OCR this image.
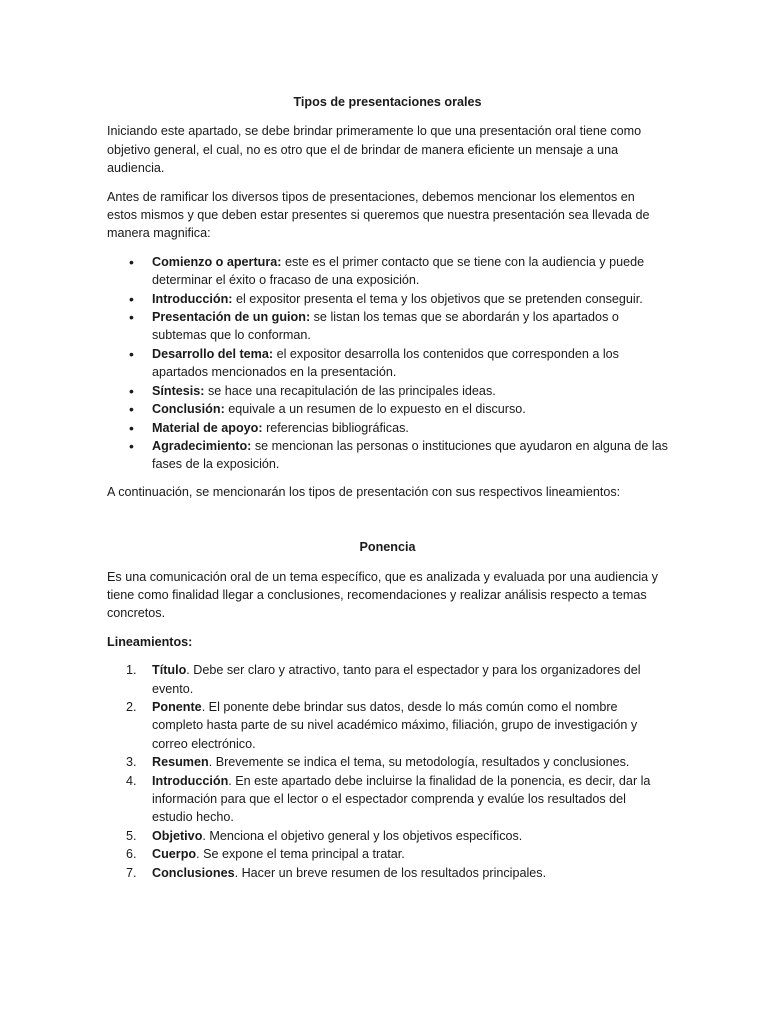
Tipos de presentaciones orales

Iniciando este apartado, se debe brindar primeramente lo que una presentación oral tiene como objetivo general, el cual, no es otro que el de brindar de manera eficiente un mensaje a una audiencia.

Antes de ramificar los diversos tipos de presentaciones, debemos mencionar los elementos en estos mismos y que deben estar presentes si queremos que nuestra presentación sea llevada de manera magnifica:

• Comienzo o apertura: este es el primer contacto que se tiene con la audiencia y puede determinar el éxito o fracaso de una exposición.
• Introducción: el expositor presenta el tema y los objetivos que se pretenden conseguir.
• Presentación de un guion: se listan los temas que se abordarán y los apartados o subtemas que lo conforman.
• Desarrollo del tema: el expositor desarrolla los contenidos que corresponden a los apartados mencionados en la presentación.
• Síntesis: se hace una recapitulación de las principales ideas.
• Conclusión: equivale a un resumen de lo expuesto en el discurso.
• Material de apoyo: referencias bibliográficas.
• Agradecimiento: se mencionan las personas o instituciones que ayudaron en alguna de las fases de la exposición.

A continuación, se mencionarán los tipos de presentación con sus respectivos lineamientos:

Ponencia

Es una comunicación oral de un tema específico, que es analizada y evaluada por una audiencia y tiene como finalidad llegar a conclusiones, recomendaciones y realizar análisis respecto a temas concretos.

Lineamientos:

1. Título. Debe ser claro y atractivo, tanto para el espectador y para los organizadores del evento.
2. Ponente. El ponente debe brindar sus datos, desde lo más común como el nombre completo hasta parte de su nivel académico máximo, filiación, grupo de investigación y correo electrónico.
3. Resumen. Brevemente se indica el tema, su metodología, resultados y conclusiones.
4. Introducción. En este apartado debe incluirse la finalidad de la ponencia, es decir, dar la información para que el lector o el espectador comprenda y evalúe los resultados del estudio hecho.
5. Objetivo. Menciona el objetivo general y los objetivos específicos.
6. Cuerpo. Se expone el tema principal a tratar.
7. Conclusiones. Hacer un breve resumen de los resultados principales.
